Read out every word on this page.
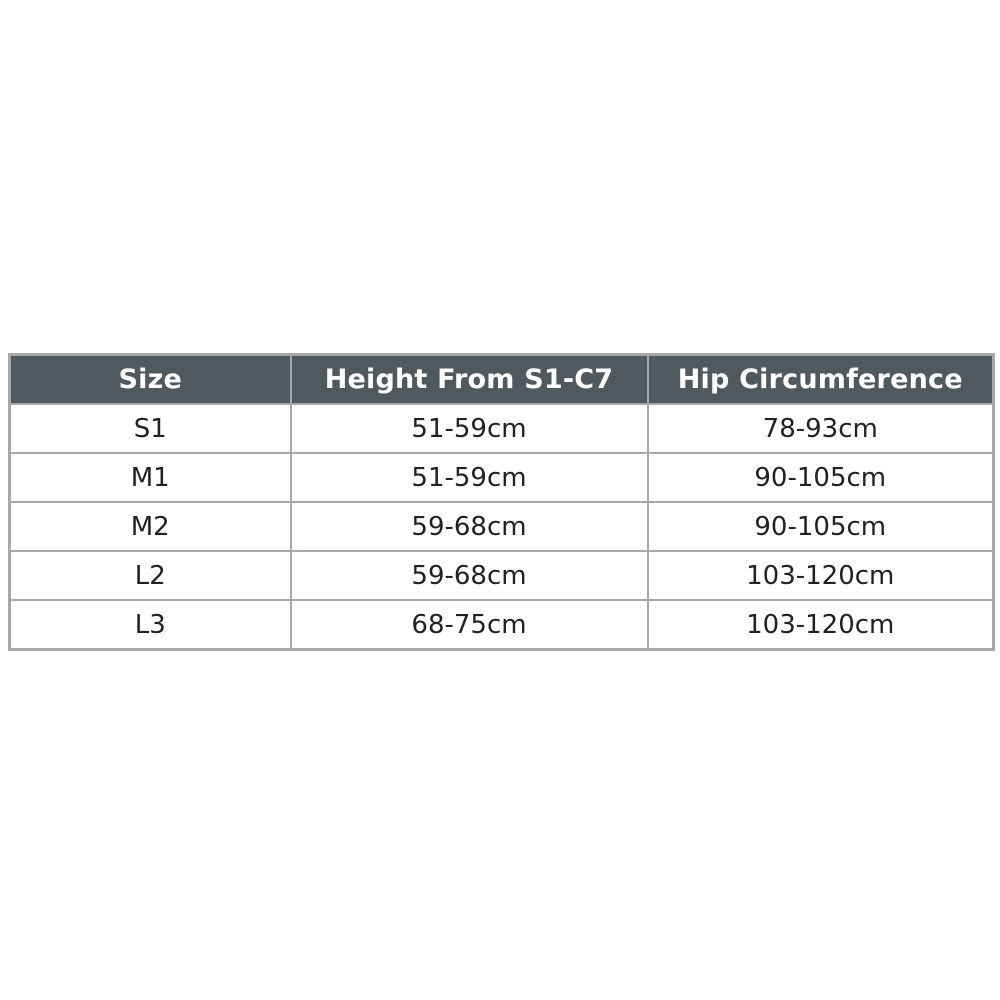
Size	Height From S1-C7	Hip Circumference
S1	51-59cm	78-93cm
M1	51-59cm	90-105cm
M2	59-68cm	90-105cm
L2	59-68cm	103-120cm
L3	68-75cm	103-120cm
